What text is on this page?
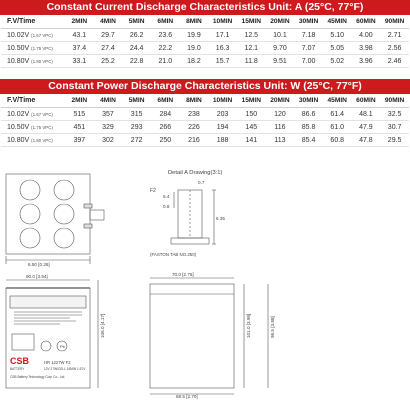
Constant Current Discharge Characteristics Unit: A (25°C, 77°F)
F.V/Time	2MIN	4MIN	5MIN	6MIN	8MIN	10MIN	15MIN	20MIN	30MIN	45MIN	60MIN	90MIN
10.02V (1.67 VPC)	43.1	29.7	26.2	23.6	19.9	17.1	12.5	10.1	7.18	5.10	4.00	2.71
10.50V (1.75 VPC)	37.4	27.4	24.4	22.2	19.0	16.3	12.1	9.70	7.07	5.05	3.98	2.56
10.80V (1.80 VPC)	33.1	25.2	22.8	21.0	18.2	15.7	11.8	9.51	7.00	5.02	3.96	2.46
Constant Power Discharge Characteristics Unit: W (25°C, 77°F)
F.V/Time	2MIN	4MIN	5MIN	6MIN	8MIN	10MIN	15MIN	20MIN	30MIN	45MIN	60MIN	90MIN
10.02V (1.67 VPC)	515	357	315	284	238	203	150	120	86.6	61.4	48.1	32.5
10.50V (1.75 VPC)	451	329	293	266	226	194	145	116	85.8	61.0	47.9	30.7
10.80V (1.80 VPC)	397	302	272	250	216	188	141	113	85.4	60.8	47.8	29.5
Detail A Drawing(3:1)
F2
6.4
0.8
0.7
6.35
(FASTON TAB NO.250)
6.50 [0.26]
90.0 [3.54]	70.0 [2.76]
106.0 [4.17]	101.0 [3.98]	98.5 [3.88]
68.5 [2.70]
CSB
BATTERY
HR 1227W F2
12V 27W/CELL 15MIN 1.67V
CSB Battery Technology Corp Co., Ltd.
Pb
